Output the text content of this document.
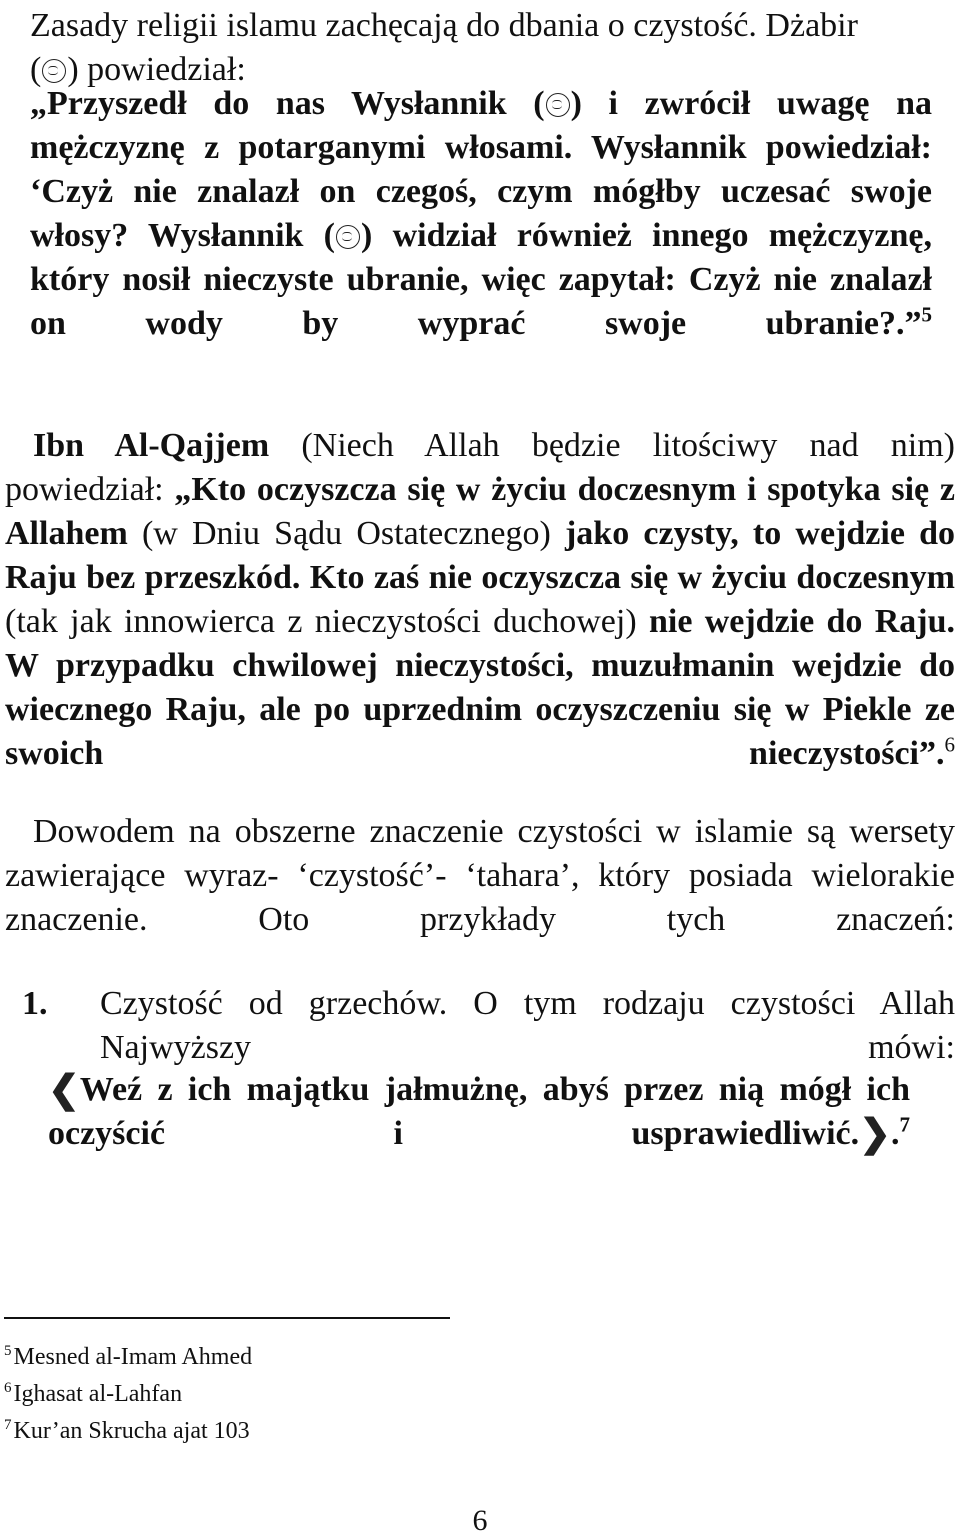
Zasady religii islamu zachęcają do dbania o czystość. Dżabir
( ) powiedział:

„Przyszedł do nas Wysłannik ( ) i zwrócił uwagę na mężczyznę z potarganymi włosami. Wysłannik powiedział: ‘Czyż nie znalazł on czegoś, czym mógłby uczesać swoje włosy? Wysłannik ( ) widział również innego mężczyznę, który nosił nieczyste ubranie, więc zapytał: Czyż nie znalazł on wody by wyprać swoje ubranie?.”$^5$

Ibn Al-Qajjem (Niech Allah będzie litościwy nad nim) powiedział: „Kto oczyszcza się w życiu doczesnym i spotyka się z Allahem (w Dniu Sądu Ostatecznego) jako czysty, to wejdzie do Raju bez przeszkód. Kto zaś nie oczyszcza się w życiu doczesnym (tak jak innowierca z nieczystości duchowej) nie wejdzie do Raju. W przypadku chwilowej nieczystości, muzułmanin wejdzie do wiecznego Raju, ale po uprzednim oczyszczeniu się w Piekle ze swoich nieczystości”.$^6$

Dowodem na obszerne znaczenie czystości w islamie są wersety zawierające wyraz- ‘czystość’- ‘tahara’, który posiada wielorakie znaczenie. Oto przykłady tych znaczeń:

1. Czystość od grzechów. O tym rodzaju czystości Allah Najwyższy mówi:

❮Weź z ich majątku jałmużnę, abyś przez nią mógł ich oczyścić i usprawiedliwić.❯.$^7$

$^5$Mesned al-Imam Ahmed

$^6$Ighasat al-Lahfan

$^7$Kur’an Skrucha ajat 103

6
